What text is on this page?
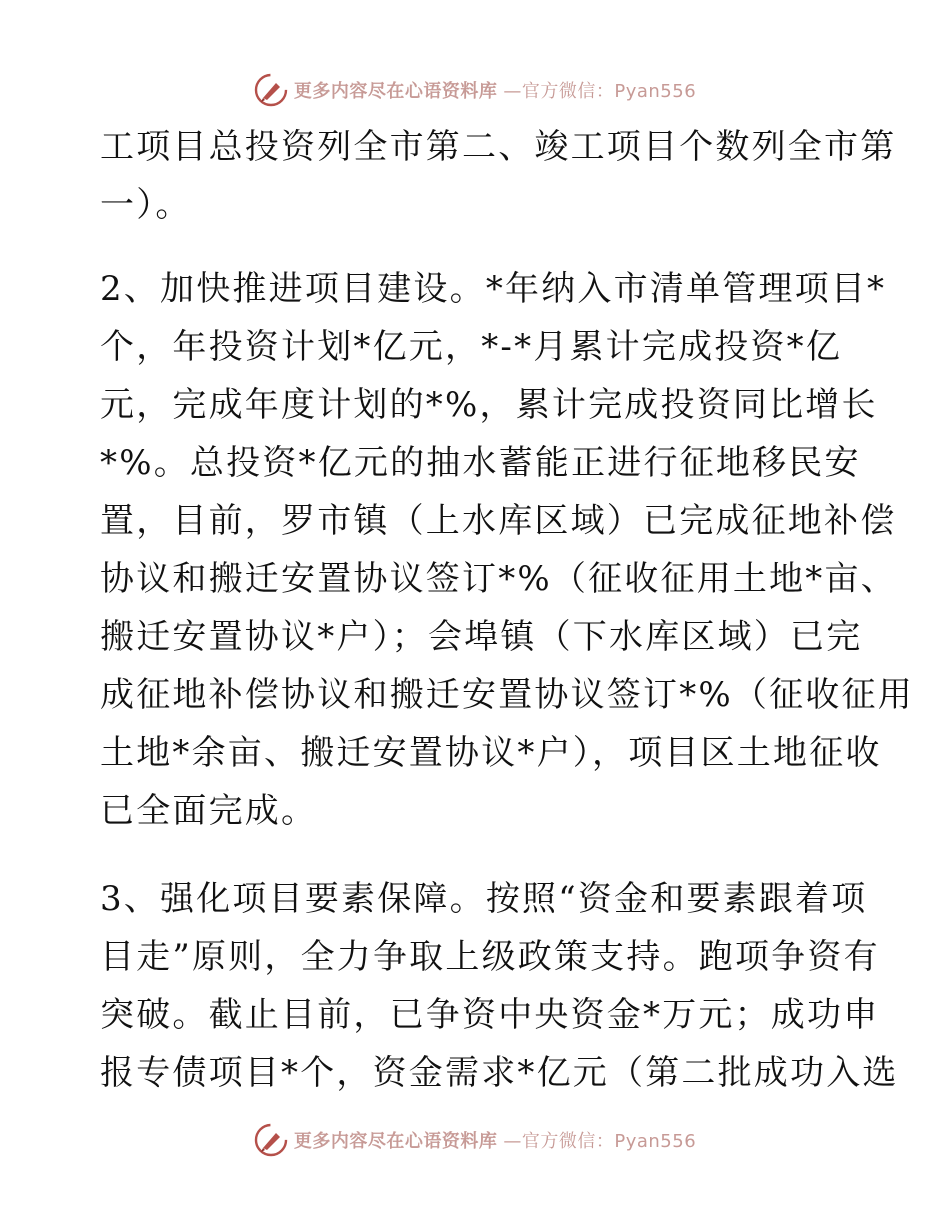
更多内容尽在心语资料库 —官方微信：Pyan556
工项目总投资列全市第二、竣工项目个数列全市第
一）。
2、加快推进项目建设。*年纳入市清单管理项目*
个，年投资计划*亿元，*-*月累计完成投资*亿
元，完成年度计划的*%，累计完成投资同比增长
*%。总投资*亿元的抽水蓄能正进行征地移民安
置，目前，罗市镇（上水库区域）已完成征地补偿
协议和搬迁安置协议签订*%（征收征用土地*亩、
搬迁安置协议*户）；会埠镇（下水库区域）已完
成征地补偿协议和搬迁安置协议签订*%（征收征用
土地*余亩、搬迁安置协议*户），项目区土地征收
已全面完成。
3、强化项目要素保障。按照“资金和要素跟着项
目走”原则，全力争取上级政策支持。跑项争资有
突破。截止目前，已争资中央资金*万元；成功申
报专债项目*个，资金需求*亿元（第二批成功入选
更多内容尽在心语资料库 —官方微信：Pyan556
